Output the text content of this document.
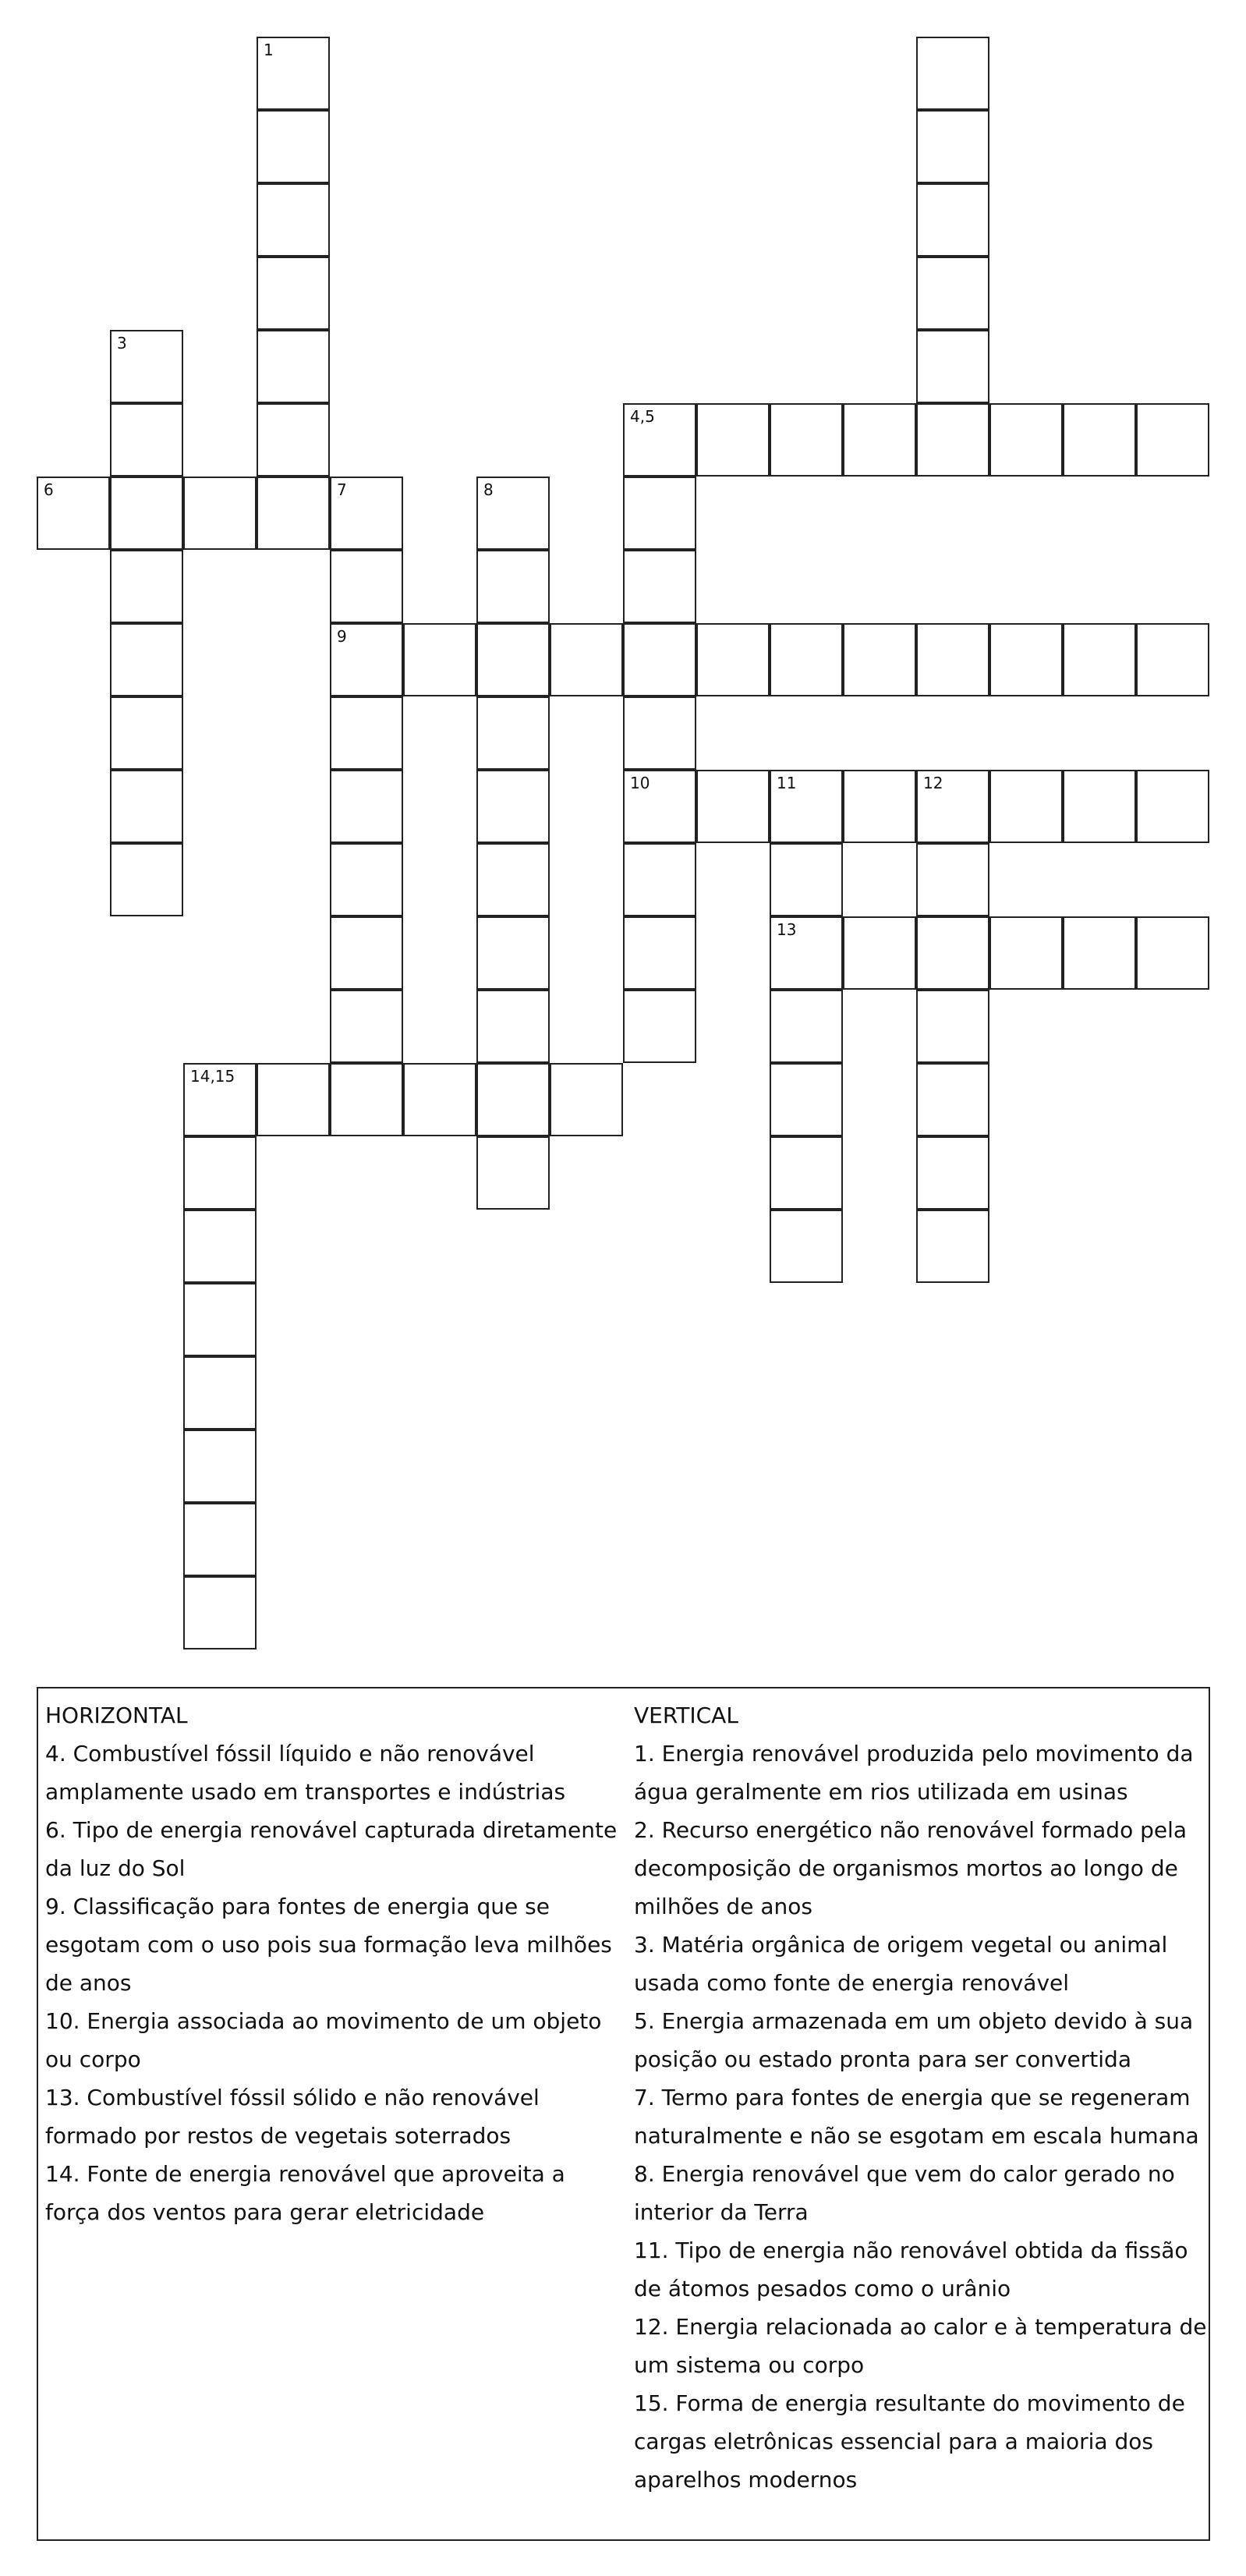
1
3
4,5
6	7
9
8
10	11	12
13
14,15

HORIZONTAL

4. Combustível fóssil líquido e não renovável amplamente usado em transportes e indústrias

6. Tipo de energia renovável capturada diretamente da luz do Sol

9. Classificação para fontes de energia que se esgotam com o uso pois sua formação leva milhões de anos

10. Energia associada ao movimento de um objeto ou corpo

13. Combustível fóssil sólido e não renovável formado por restos de vegetais soterrados

14. Fonte de energia renovável que aproveita a força dos ventos para gerar eletricidade

VERTICAL

1. Energia renovável produzida pelo movimento da água geralmente em rios utilizada em usinas

2. Recurso energético não renovável formado pela decomposição de organismos mortos ao longo de milhões de anos

3. Matéria orgânica de origem vegetal ou animal usada como fonte de energia renovável

5. Energia armazenada em um objeto devido à sua posição ou estado pronta para ser convertida

7. Termo para fontes de energia que se regeneram naturalmente e não se esgotam em escala humana

8. Energia renovável que vem do calor gerado no interior da Terra

11. Tipo de energia não renovável obtida da fissão de átomos pesados como o urânio

12. Energia relacionada ao calor e à temperatura de um sistema ou corpo

15. Forma de energia resultante do movimento de cargas eletrônicas essencial para a maioria dos aparelhos modernos
